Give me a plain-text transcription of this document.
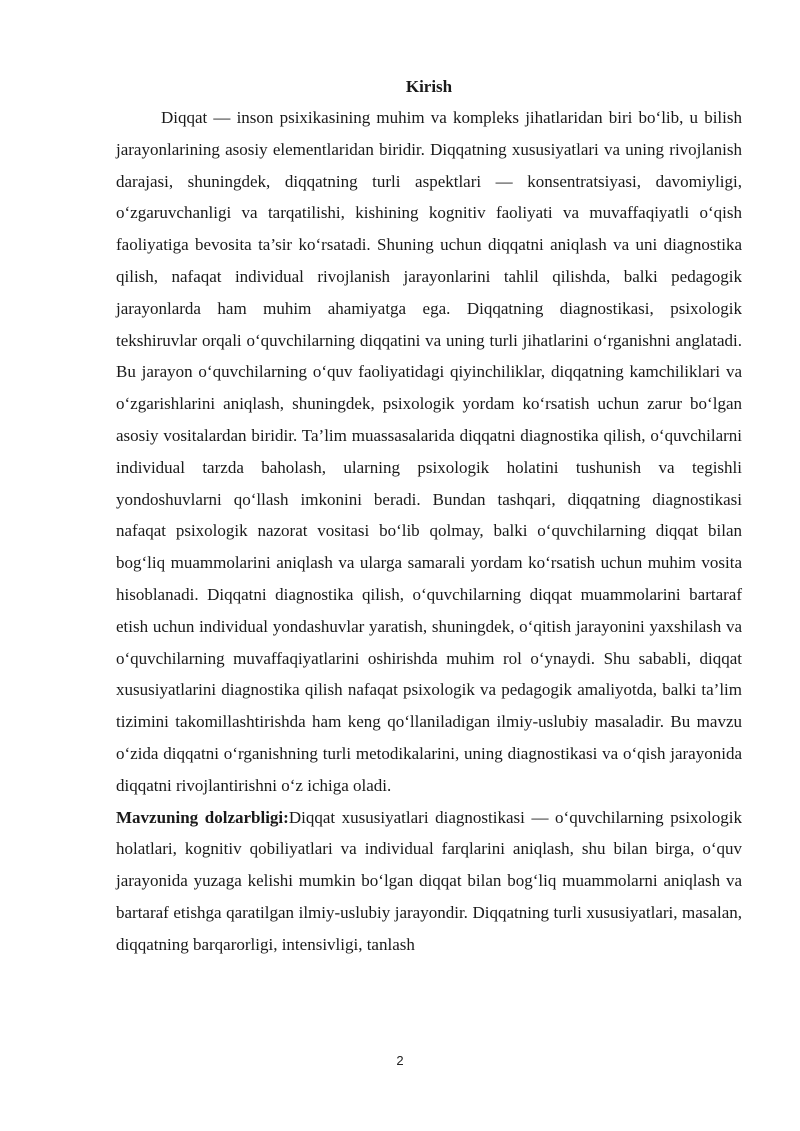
Kirish

Diqqat — inson psixikasining muhim va kompleks jihatlaridan biri bo‘lib, u bilish jarayonlarining asosiy elementlaridan biridir. Diqqatning xususiyatlari va uning rivojlanish darajasi, shuningdek, diqqatning turli aspektlari — konsentratsiyasi, davomiyligi, o‘zgaruvchanligi va tarqatilishi, kishining kognitiv faoliyati va muvaffaqiyatli o‘qish faoliyatiga bevosita ta’sir ko‘rsatadi. Shuning uchun diqqatni aniqlash va uni diagnostika qilish, nafaqat individual rivojlanish jarayonlarini tahlil qilishda, balki pedagogik jarayonlarda ham muhim ahamiyatga ega. Diqqatning diagnostikasi, psixologik tekshiruvlar orqali o‘quvchilarning diqqatini va uning turli jihatlarini o‘rganishni anglatadi. Bu jarayon o‘quvchilarning o‘quv faoliyatidagi qiyinchiliklar, diqqatning kamchiliklari va o‘zgarishlarini aniqlash, shuningdek, psixologik yordam ko‘rsatish uchun zarur bo‘lgan asosiy vositalardan biridir. Ta’lim muassasalarida diqqatni diagnostika qilish, o‘quvchilarni individual tarzda baholash, ularning psixologik holatini tushunish va tegishli yondoshuvlarni qo‘llash imkonini beradi. Bundan tashqari, diqqatning diagnostikasi nafaqat psixologik nazorat vositasi bo‘lib qolmay, balki o‘quvchilarning diqqat bilan bog‘liq muammolarini aniqlash va ularga samarali yordam ko‘rsatish uchun muhim vosita hisoblanadi. Diqqatni diagnostika qilish, o‘quvchilarning diqqat muammolarini bartaraf etish uchun individual yondashuvlar yaratish, shuningdek, o‘qitish jarayonini yaxshilash va o‘quvchilarning muvaffaqiyatlarini oshirishda muhim rol o‘ynaydi. Shu sababli, diqqat xususiyatlarini diagnostika qilish nafaqat psixologik va pedagogik amaliyotda, balki ta’lim tizimini takomillashtirishda ham keng qo‘llaniladigan ilmiy-uslubiy masaladir. Bu mavzu o‘zida diqqatni o‘rganishning turli metodikalarini, uning diagnostikasi va o‘qish jarayonida diqqatni rivojlantirishni o‘z ichiga oladi.

Mavzuning dolzarbligi:Diqqat xususiyatlari diagnostikasi — o‘quvchilarning psixologik holatlari, kognitiv qobiliyatlari va individual farqlarini aniqlash, shu bilan birga, o‘quv jarayonida yuzaga kelishi mumkin bo‘lgan diqqat bilan bog‘liq muammolarni aniqlash va bartaraf etishga qaratilgan ilmiy-uslubiy jarayondir. Diqqatning turli xususiyatlari, masalan, diqqatning barqarorligi, intensivligi, tanlash

2
